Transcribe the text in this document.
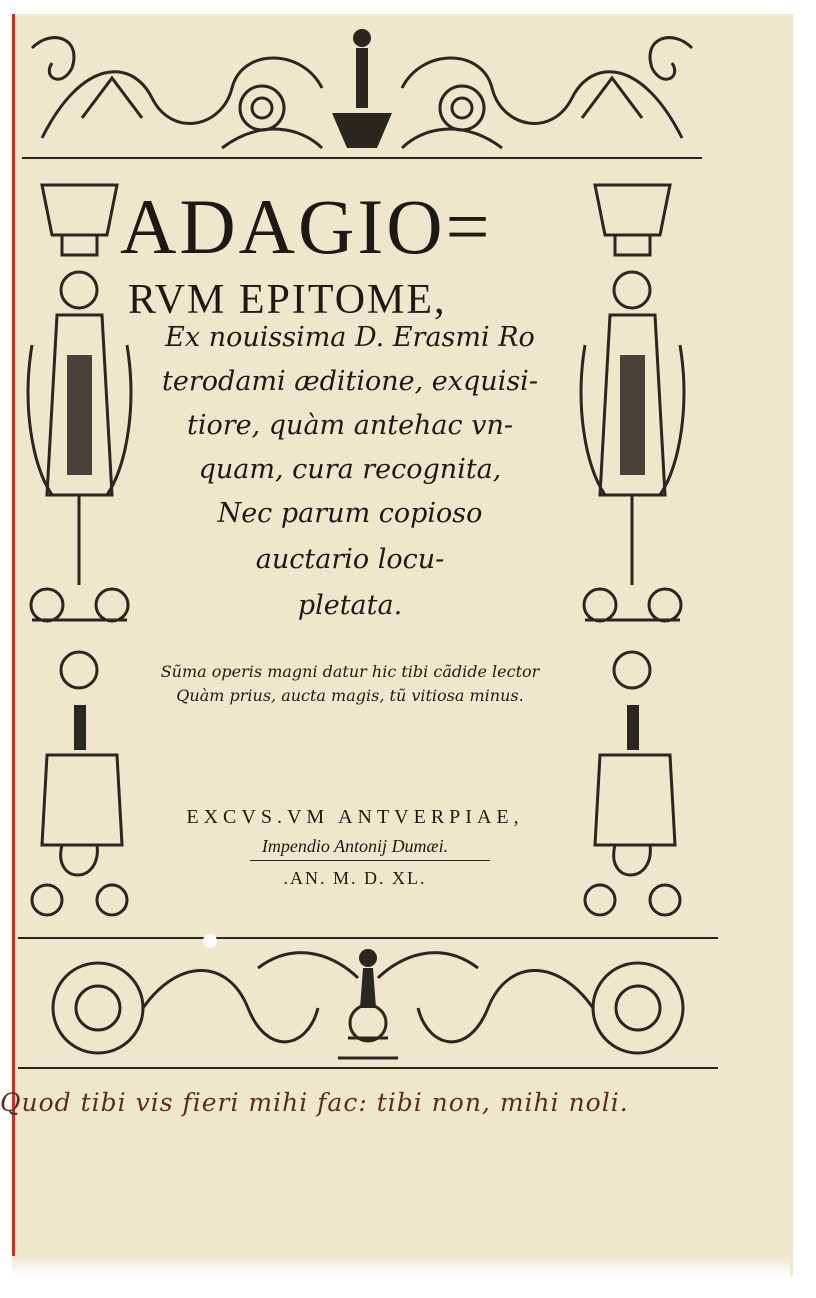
ADAGIO=
RVM EPITOME,
Ex nouissima D. Erasmi Ro
terodami æditione, exquisi-
tiore, quàm antehac vn-
quam, cura recognita,
Nec parum copioso
auctario locu-
pletata.
Sũma operis magni datur hic tibi cãdide lector
Quàm prius, aucta magis, tũ vitiosa minus.
EXCVS.VM ANTVERPIAE,
Impendio Antonij Dumæi.
.AN. M. D. XL.
Quod tibi vis fieri mihi fac: tibi non, mihi noli.
